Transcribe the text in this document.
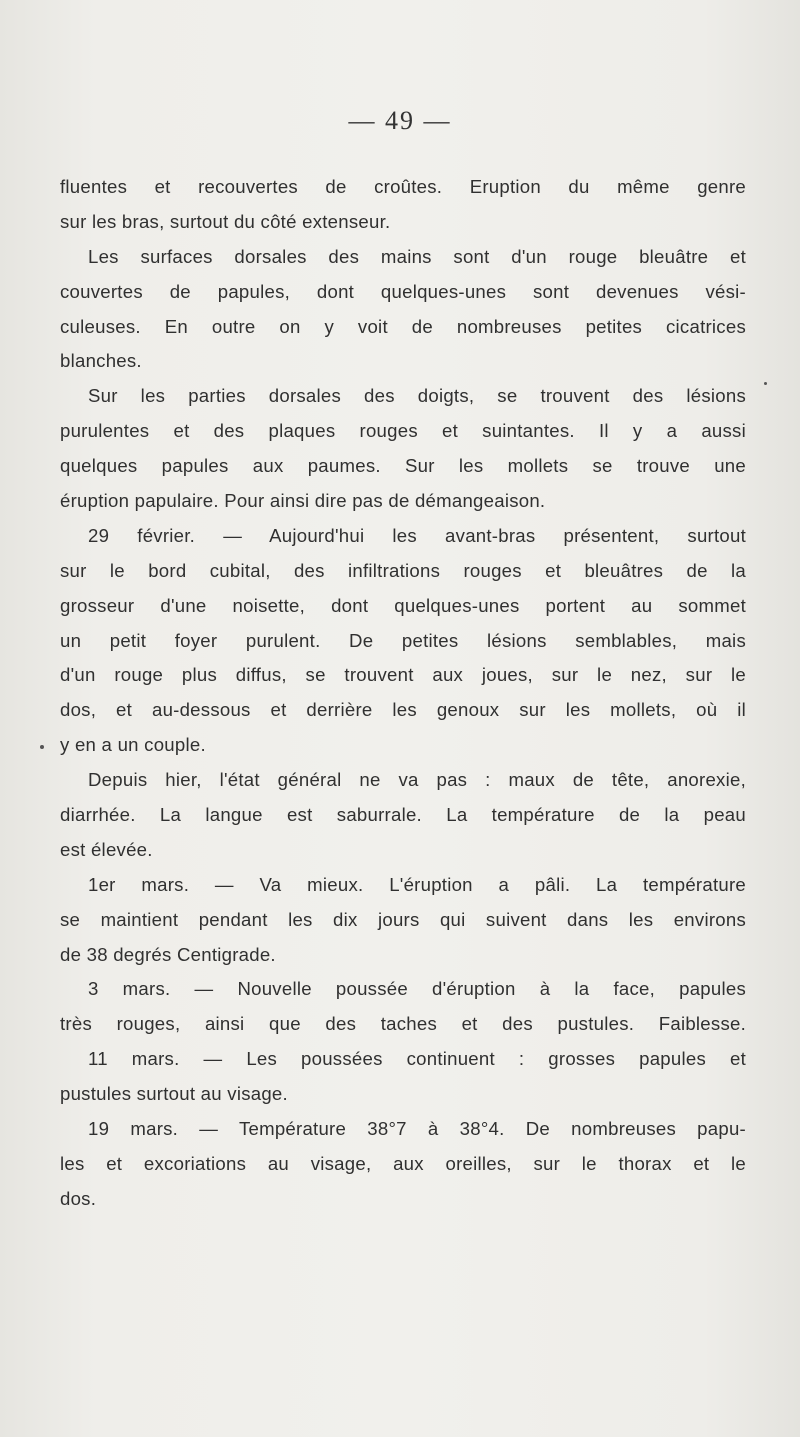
— 49 —
fluentes et recouvertes de croûtes. Eruption du même genre
sur les bras, surtout du côté extenseur.
Les surfaces dorsales des mains sont d'un rouge bleuâtre et
couvertes de papules, dont quelques-unes sont devenues vési-
culeuses. En outre on y voit de nombreuses petites cicatrices
blanches.
Sur les parties dorsales des doigts, se trouvent des lésions
purulentes et des plaques rouges et suintantes. Il y a aussi
quelques papules aux paumes. Sur les mollets se trouve une
éruption papulaire. Pour ainsi dire pas de démangeaison.
29 février. — Aujourd'hui les avant-bras présentent, surtout
sur le bord cubital, des infiltrations rouges et bleuâtres de la
grosseur d'une noisette, dont quelques-unes portent au sommet
un petit foyer purulent. De petites lésions semblables, mais
d'un rouge plus diffus, se trouvent aux joues, sur le nez, sur le
dos, et au-dessous et derrière les genoux sur les mollets, où il
y en a un couple.
Depuis hier, l'état général ne va pas : maux de tête, anorexie,
diarrhée. La langue est saburrale. La température de la peau
est élevée.
1er mars. — Va mieux. L'éruption a pâli. La température
se maintient pendant les dix jours qui suivent dans les environs
de 38 degrés Centigrade.
3 mars. — Nouvelle poussée d'éruption à la face, papules
très rouges, ainsi que des taches et des pustules. Faiblesse.
11 mars. — Les poussées continuent : grosses papules et
pustules surtout au visage.
19 mars. — Température 38°7 à 38°4. De nombreuses papu-
les et excoriations au visage, aux oreilles, sur le thorax et le
dos.
